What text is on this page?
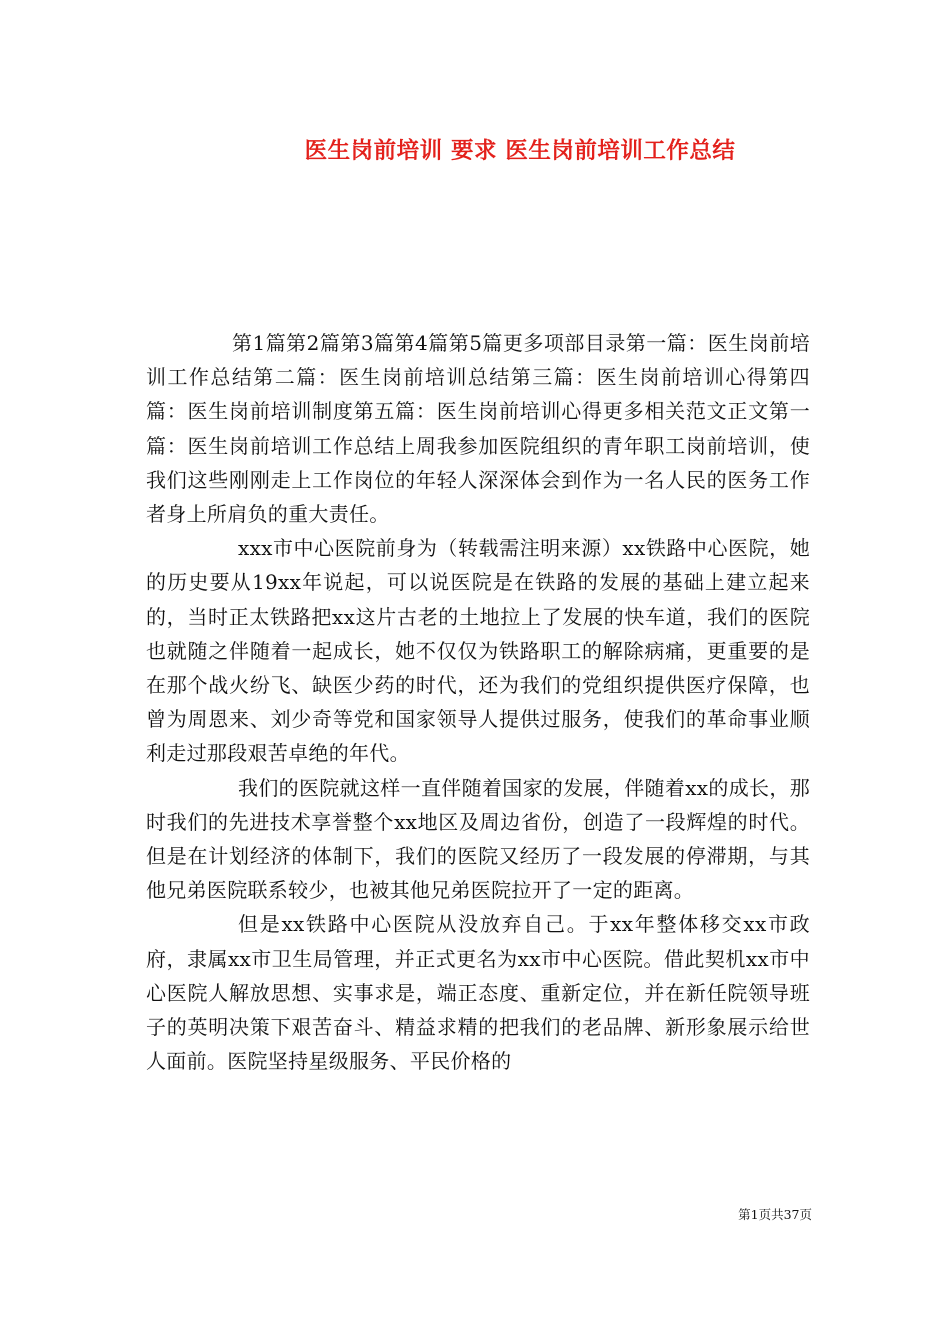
医生岗前培训 要求 医生岗前培训工作总结

第1篇第2篇第3篇第4篇第5篇更多项部目录第一篇：医生岗前培训工作总结第二篇：医生岗前培训总结第三篇：医生岗前培训心得第四篇：医生岗前培训制度第五篇：医生岗前培训心得更多相关范文正文第一篇：医生岗前培训工作总结上周我参加医院组织的青年职工岗前培训，使我们这些刚刚走上工作岗位的年轻人深深体会到作为一名人民的医务工作者身上所肩负的重大责任。

xxx市中心医院前身为（转载需注明来源）xx铁路中心医院，她的历史要从19xx年说起，可以说医院是在铁路的发展的基础上建立起来的，当时正太铁路把xx这片古老的土地拉上了发展的快车道，我们的医院也就随之伴随着一起成长，她不仅仅为铁路职工的解除病痛，更重要的是在那个战火纷飞、缺医少药的时代，还为我们的党组织提供医疗保障，也曾为周恩来、刘少奇等党和国家领导人提供过服务，使我们的革命事业顺利走过那段艰苦卓绝的年代。

我们的医院就这样一直伴随着国家的发展，伴随着xx的成长，那时我们的先进技术享誉整个xx地区及周边省份，创造了一段辉煌的时代。但是在计划经济的体制下，我们的医院又经历了一段发展的停滞期，与其他兄弟医院联系较少，也被其他兄弟医院拉开了一定的距离。

但是xx铁路中心医院从没放弃自己。于xx年整体移交xx市政府，隶属xx市卫生局管理，并正式更名为xx市中心医院。借此契机xx市中心医院人解放思想、实事求是，端正态度、重新定位，并在新任院领导班子的英明决策下艰苦奋斗、精益求精的把我们的老品牌、新形象展示给世人面前。医院坚持星级服务、平民价格的

第1页共37页
